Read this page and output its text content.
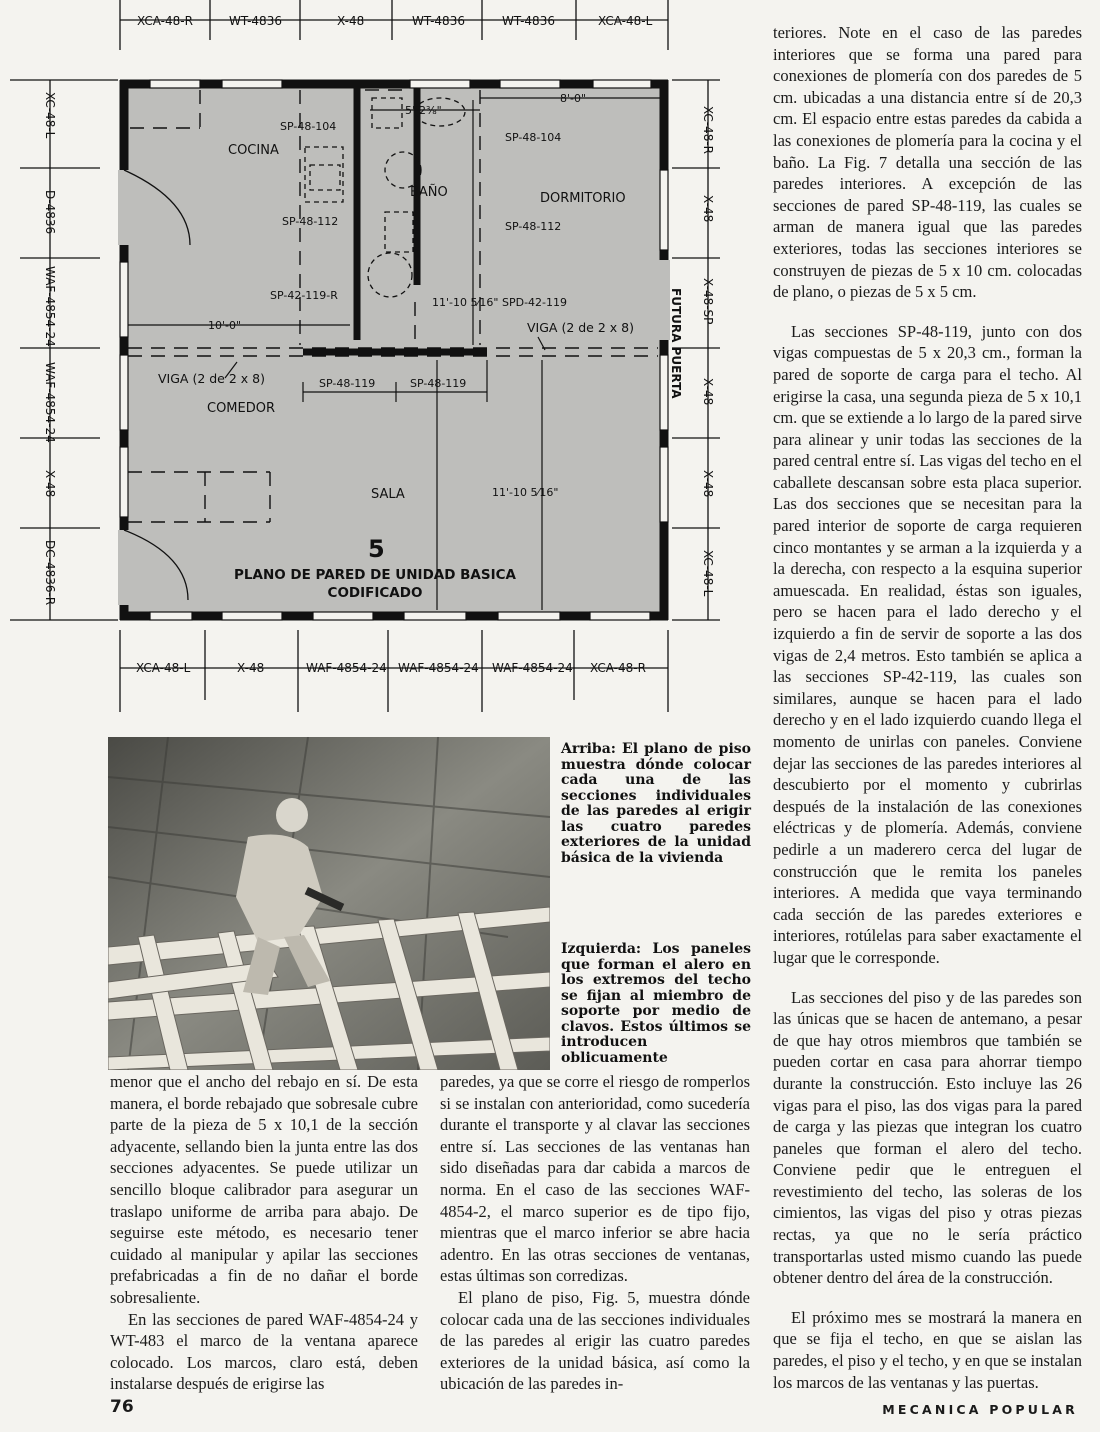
XCA-48-R	WT-4836	X-48	WT-4836	WT-4836	XCA-48-L
XCA-48-L	X-48	WAF-4854-24 WAF-4854-24 WAF-4854-24 XCA-48-R
XC-48-L
D-4836
WAF-4854-24
WAF-4854-24
X-48
DC-4836-R
XC-48-R
X-48
X-48-SP
X-48
X-48
XC-48-L
FUTURA PUERTA
COCINA
BAÑO	DORMITORIO
COMEDOR
SALA
SP-48-104
SP-48-104
SP-48-112	SP-48-112
SP-42-119-R
SPD-42-119
SP-48-119	SP-48-119
VIGA (2 de 2 x 8)
VIGA (2 de 2 x 8)
5'-2⅜"
8'-0"
10'-0"
11'-10 5⁄16"
11'-10 5⁄16"
5
PLANO DE PARED DE UNIDAD BASICA
CODIFICADO
Arriba: El plano de piso muestra dónde colocar cada una de las secciones individuales de las paredes al erigir las cuatro paredes exteriores de la unidad básica de la vivienda
Izquierda: Los paneles que forman el alero en los extremos del techo se fijan al miembro de soporte por medio de clavos. Estos últimos se introducen oblicuamente

menor que el ancho del rebajo en sí. De esta manera, el borde rebajado que sobresale cubre parte de la pieza de 5 x 10,1 de la sección adyacente, sellando bien la junta entre las dos secciones adyacentes. Se puede utilizar un sencillo bloque calibrador para asegurar un traslapo uniforme de arriba para abajo. De seguirse este método, es necesario tener cuidado al manipular y apilar las secciones prefabricadas a fin de no dañar el borde sobresaliente.

En las secciones de pared WAF-4854-24 y WT-483 el marco de la ventana aparece colocado. Los marcos, claro está, deben instalarse después de erigirse las

paredes, ya que se corre el riesgo de romperlos si se instalan con anterioridad, como sucedería durante el transporte y al clavar las secciones entre sí. Las secciones de las ventanas han sido diseñadas para dar cabida a marcos de norma. En el caso de las secciones WAF-4854-2, el marco superior es de tipo fijo, mientras que el marco inferior se abre hacia adentro. En las otras secciones de ventanas, estas últimas son corredizas.

El plano de piso, Fig. 5, muestra dónde colocar cada una de las secciones individuales de las paredes al erigir las cuatro paredes exteriores de la unidad básica, así como la ubicación de las paredes in-

teriores. Note en el caso de las paredes interiores que se forma una pared para conexiones de plomería con dos paredes de 5 cm. ubicadas a una distancia entre sí de 20,3 cm. El espacio entre estas paredes da cabida a las conexiones de plomería para la cocina y el baño. La Fig. 7 detalla una sección de las paredes interiores. A excepción de las secciones de pared SP-48-119, las cuales se arman de manera igual que las paredes exteriores, todas las secciones interiores se construyen de piezas de 5 x 10 cm. colocadas de plano, o piezas de 5 x 5 cm.

Las secciones SP-48-119, junto con dos vigas compuestas de 5 x 20,3 cm., forman la pared de soporte de carga para el techo. Al erigirse la casa, una segunda pieza de 5 x 10,1 cm. que se extiende a lo largo de la pared sirve para alinear y unir todas las secciones de la pared central entre sí. Las vigas del techo en el caballete descansan sobre esta placa superior. Las dos secciones que se necesitan para la pared interior de soporte de carga requieren cinco montantes y se arman a la izquierda y a la derecha, con respecto a la esquina superior amuescada. En realidad, éstas son iguales, pero se hacen para el lado derecho y el izquierdo a fin de servir de soporte a las dos vigas de 2,4 metros. Esto también se aplica a las secciones SP-42-119, las cuales son similares, aunque se hacen para el lado derecho y en el lado izquierdo cuando llega el momento de unirlas con paneles. Conviene dejar las secciones de las paredes interiores al descubierto por el momento y cubrirlas después de la instalación de las conexiones eléctricas y de plomería. Además, conviene pedirle a un maderero cerca del lugar de construcción que le remita los paneles interiores. A medida que vaya terminando cada sección de las paredes exteriores e interiores, rotúlelas para saber exactamente el lugar que le corresponde.

Las secciones del piso y de las paredes son las únicas que se hacen de antemano, a pesar de que hay otros miembros que también se pueden cortar en casa para ahorrar tiempo durante la construcción. Esto incluye las 26 vigas para el piso, las dos vigas para la pared de carga y las piezas que integran los cuatro paneles que forman el alero del techo. Conviene pedir que le entreguen el revestimiento del techo, las soleras de los cimientos, las vigas del piso y otras piezas rectas, ya que no le sería práctico transportarlas usted mismo cuando las puede obtener dentro del área de la construcción.

El próximo mes se mostrará la manera en que se fija el techo, en que se aislan las paredes, el piso y el techo, y en que se instalan los marcos de las ventanas y las puertas.

76	MECANICA POPULAR
